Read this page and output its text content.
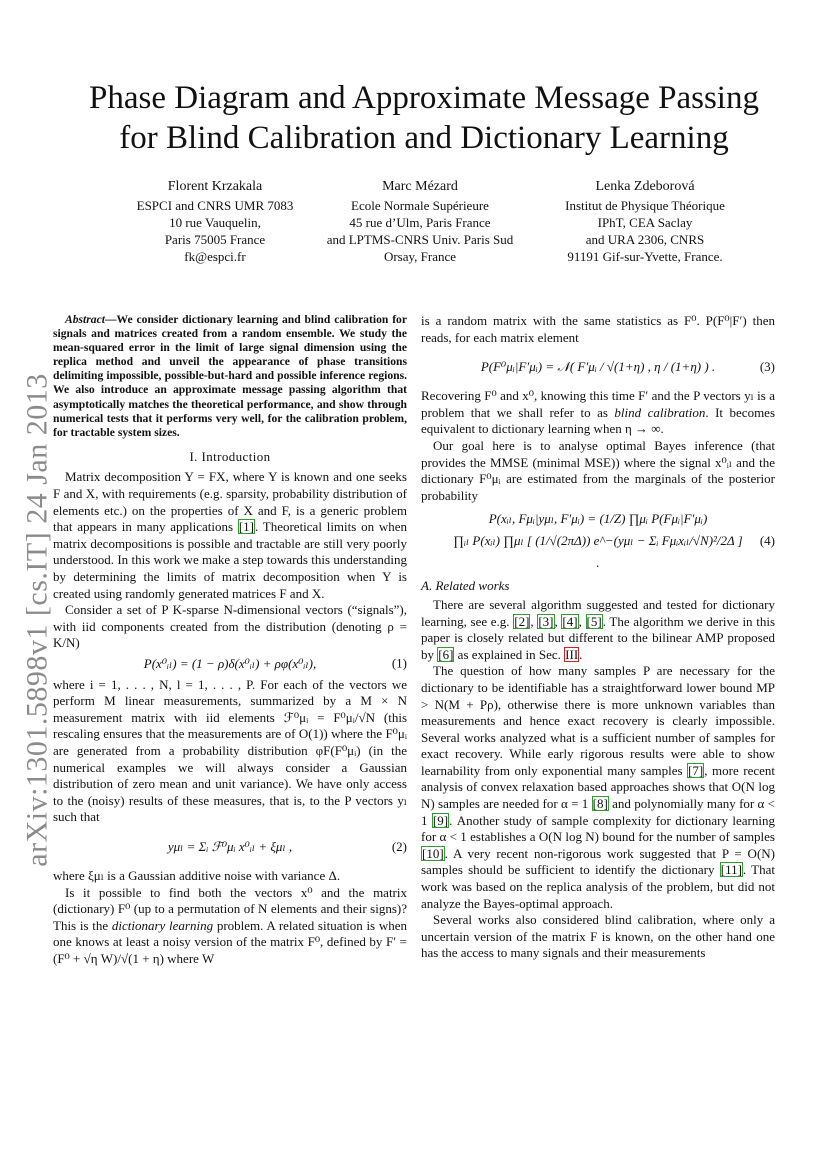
arXiv:1301.5898v1 [cs.IT] 24 Jan 2013
Phase Diagram and Approximate Message Passing
for Blind Calibration and Dictionary Learning
Florent Krzakala
ESPCI and CNRS UMR 7083
10 rue Vauquelin,
Paris 75005 France
fk@espci.fr
Marc Mézard
Ecole Normale Supérieure
45 rue d’Ulm, Paris France
and LPTMS-CNRS Univ. Paris Sud
Orsay, France
Lenka Zdeborová
Institut de Physique Théorique
IPhT, CEA Saclay
and URA 2306, CNRS
91191 Gif-sur-Yvette, France.

Abstract—We consider dictionary learning and blind calibration for signals and matrices created from a random ensemble. We study the mean-squared error in the limit of large signal dimension using the replica method and unveil the appearance of phase transitions delimiting impossible, possible-but-hard and possible inference regions. We also introduce an approximate message passing algorithm that asymptotically matches the theoretical performance, and show through numerical tests that it performs very well, for the calibration problem, for tractable system sizes.

I. Introduction

Matrix decomposition Y = FX, where Y is known and one seeks F and X, with requirements (e.g. sparsity, probability distribution of elements etc.) on the properties of X and F, is a generic problem that appears in many applications [1]. Theoretical limits on when matrix decompositions is possible and tractable are still very poorly understood. In this work we make a step towards this understanding by determining the limits of matrix decomposition when Y is created using randomly generated matrices F and X.

Consider a set of P K-sparse N-dimensional vectors (“signals”), with iid components created from the distribution (denoting ρ = K/N)

P(x⁰ᵢₗ) = (1 − ρ)δ(x⁰ᵢₗ) + ρφ(x⁰ᵢₗ),	(1)

where i = 1, . . . , N, l = 1, . . . , P. For each of the vectors we perform M linear measurements, summarized by a M × N measurement matrix with iid elements ℱ⁰μᵢ = F⁰μᵢ/√N (this rescaling ensures that the measurements are of O(1)) where the F⁰μᵢ are generated from a probability distribution φF(F⁰μᵢ) (in the numerical examples we will always consider a Gaussian distribution of zero mean and unit variance). We have only access to the (noisy) results of these measures, that is, to the P vectors yₗ such that

yμₗ = Σᵢ ℱ⁰μᵢ x⁰ᵢₗ + ξμₗ ,	(2)

where ξμₗ is a Gaussian additive noise with variance Δ.

Is it possible to find both the vectors x⁰ and the matrix (dictionary) F⁰ (up to a permutation of N elements and their signs)? This is the dictionary learning problem. A related situation is when one knows at least a noisy version of the matrix F⁰, defined by F′ = (F⁰ + √η W)/√(1 + η) where W

is a random matrix with the same statistics as F⁰. P(F⁰|F′) then reads, for each matrix element

P(F⁰μᵢ|F′μᵢ) = 𝒩( F′μᵢ / √(1+η) , η / (1+η) ) .	(3)

Recovering F⁰ and x⁰, knowing this time F′ and the P vectors yₗ is a problem that we shall refer to as blind calibration. It becomes equivalent to dictionary learning when η → ∞.

Our goal here is to analyse optimal Bayes inference (that provides the MMSE (minimal MSE)) where the signal x⁰ᵢₗ and the dictionary F⁰μᵢ are estimated from the marginals of the posterior probability

P(xᵢₗ, Fμᵢ|yμₗ, F′μᵢ) = (1/Z) ∏μᵢ P(Fμᵢ|F′μᵢ)
∏ᵢₗ P(xᵢₗ) ∏μₗ [ (1/√(2πΔ)) e^−(yμₗ − Σᵢ Fμᵢxᵢₗ/√N)²/2Δ ] .
(4)
A. Related works

There are several algorithm suggested and tested for dictionary learning, see e.g. [2], [3], [4], [5]. The algorithm we derive in this paper is closely related but different to the bilinear AMP proposed by [6] as explained in Sec. III.

The question of how many samples P are necessary for the dictionary to be identifiable has a straightforward lower bound MP > N(M + Pρ), otherwise there is more unknown variables than measurements and hence exact recovery is clearly impossible. Several works analyzed what is a sufficient number of samples for exact recovery. While early rigorous results were able to show learnability from only exponential many samples [7], more recent analysis of convex relaxation based approaches shows that O(N log N) samples are needed for α = 1 [8] and polynomially many for α < 1 [9]. Another study of sample complexity for dictionary learning for α < 1 establishes a O(N log N) bound for the number of samples [10]. A very recent non-rigorous work suggested that P = O(N) samples should be sufficient to identify the dictionary [11]. That work was based on the replica analysis of the problem, but did not analyze the Bayes-optimal approach.

Several works also considered blind calibration, where only a uncertain version of the matrix F is known, on the other hand one has the access to many signals and their measurements
